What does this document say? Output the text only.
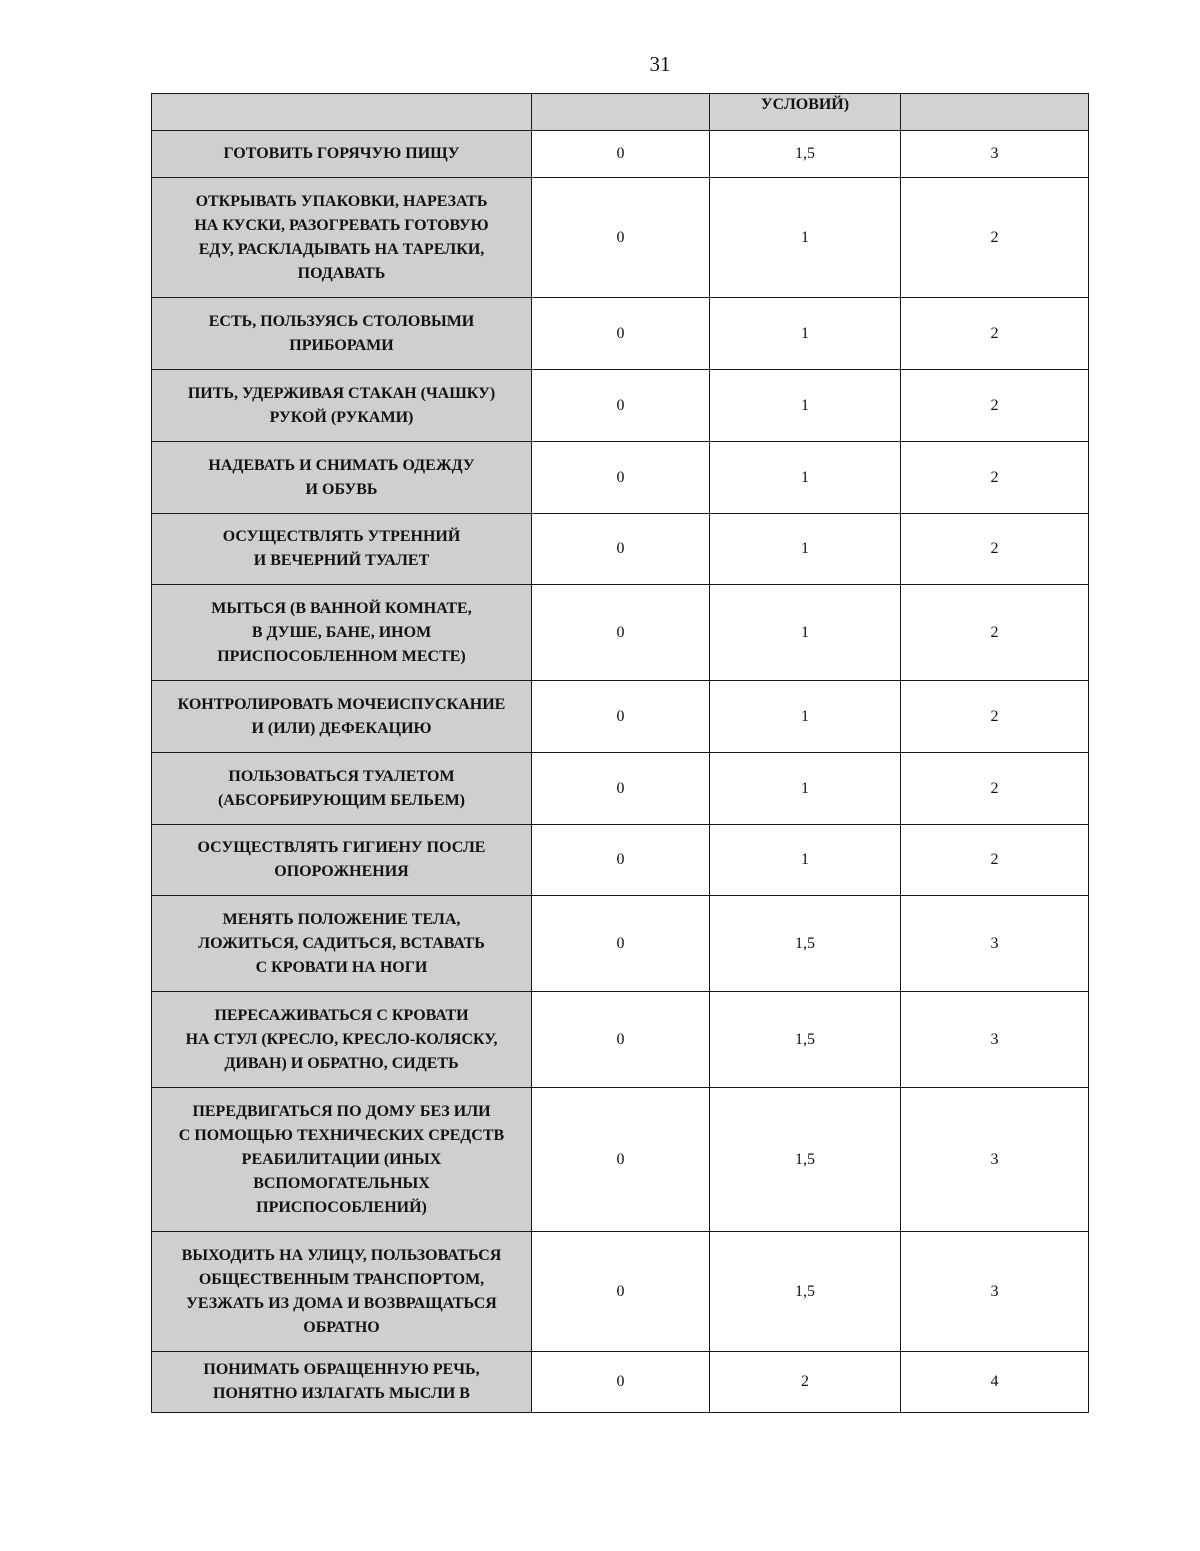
31
		УСЛОВИЙ)	
ГОТОВИТЬ ГОРЯЧУЮ ПИЩУ	0	1,5	3
ОТКРЫВАТЬ УПАКОВКИ, НАРЕЗАТЬ
НА КУСКИ, РАЗОГРЕВАТЬ ГОТОВУЮ
ЕДУ, РАСКЛАДЫВАТЬ НА ТАРЕЛКИ,
ПОДАВАТЬ	0	1	2
ЕСТЬ, ПОЛЬЗУЯСЬ СТОЛОВЫМИ
ПРИБОРАМИ	0	1	2
ПИТЬ, УДЕРЖИВАЯ СТАКАН (ЧАШКУ)
РУКОЙ (РУКАМИ)	0	1	2
НАДЕВАТЬ И СНИМАТЬ ОДЕЖДУ
И ОБУВЬ	0	1	2
ОСУЩЕСТВЛЯТЬ УТРЕННИЙ
И ВЕЧЕРНИЙ ТУАЛЕТ	0	1	2
МЫТЬСЯ (В ВАННОЙ КОМНАТЕ,
В ДУШЕ, БАНЕ, ИНОМ
ПРИСПОСОБЛЕННОМ МЕСТЕ)	0	1	2
КОНТРОЛИРОВАТЬ МОЧЕИСПУСКАНИЕ
И (ИЛИ) ДЕФЕКАЦИЮ	0	1	2
ПОЛЬЗОВАТЬСЯ ТУАЛЕТОМ
(АБСОРБИРУЮЩИМ БЕЛЬЕМ)	0	1	2
ОСУЩЕСТВЛЯТЬ ГИГИЕНУ ПОСЛЕ
ОПОРОЖНЕНИЯ	0	1	2
МЕНЯТЬ ПОЛОЖЕНИЕ ТЕЛА,
ЛОЖИТЬСЯ, САДИТЬСЯ, ВСТАВАТЬ
С КРОВАТИ НА НОГИ	0	1,5	3
ПЕРЕСАЖИВАТЬСЯ С КРОВАТИ
НА СТУЛ (КРЕСЛО, КРЕСЛО-КОЛЯСКУ,
ДИВАН) И ОБРАТНО, СИДЕТЬ	0	1,5	3
ПЕРЕДВИГАТЬСЯ ПО ДОМУ БЕЗ ИЛИ
С ПОМОЩЬЮ ТЕХНИЧЕСКИХ СРЕДСТВ
РЕАБИЛИТАЦИИ (ИНЫХ
ВСПОМОГАТЕЛЬНЫХ
ПРИСПОСОБЛЕНИЙ)	0	1,5	3
ВЫХОДИТЬ НА УЛИЦУ, ПОЛЬЗОВАТЬСЯ
ОБЩЕСТВЕННЫМ ТРАНСПОРТОМ,
УЕЗЖАТЬ ИЗ ДОМА И ВОЗВРАЩАТЬСЯ
ОБРАТНО	0	1,5	3
ПОНИМАТЬ ОБРАЩЕННУЮ РЕЧЬ,
ПОНЯТНО ИЗЛАГАТЬ МЫСЛИ В	0	2	4
